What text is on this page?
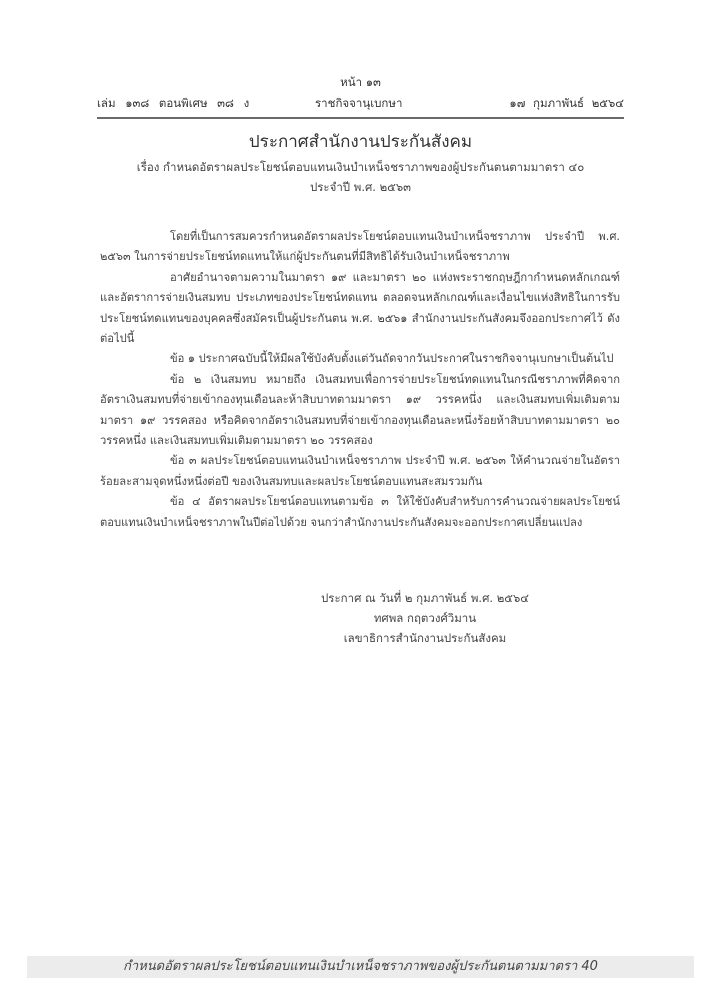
หน้า ๑๓
เล่ม ๑๓๘ ตอนพิเศษ ๓๘ ง	ราชกิจจานุเบกษา	๑๗ กุมภาพันธ์ ๒๕๖๔
ประกาศสำนักงานประกันสังคม
เรื่อง กำหนดอัตราผลประโยชน์ตอบแทนเงินบำเหน็จชราภาพของผู้ประกันตนตามมาตรา ๔๐
ประจำปี พ.ศ. ๒๕๖๓

โดยที่เป็นการสมควรกำหนดอัตราผลประโยชน์ตอบแทนเงินบำเหน็จชราภาพ ประจำปี พ.ศ. ๒๕๖๓ ในการจ่ายประโยชน์ทดแทนให้แก่ผู้ประกันตนที่มีสิทธิได้รับเงินบำเหน็จชราภาพ

อาศัยอำนาจตามความในมาตรา ๑๙ และมาตรา ๒๐ แห่งพระราชกฤษฎีกากำหนดหลักเกณฑ์และอัตราการจ่ายเงินสมทบ ประเภทของประโยชน์ทดแทน ตลอดจนหลักเกณฑ์และเงื่อนไขแห่งสิทธิในการรับประโยชน์ทดแทนของบุคคลซึ่งสมัครเป็นผู้ประกันตน พ.ศ. ๒๕๖๑ สำนักงานประกันสังคมจึงออกประกาศไว้ ดังต่อไปนี้

ข้อ ๑ ประกาศฉบับนี้ให้มีผลใช้บังคับตั้งแต่วันถัดจากวันประกาศในราชกิจจานุเบกษาเป็นต้นไป

ข้อ ๒ เงินสมทบ หมายถึง เงินสมทบเพื่อการจ่ายประโยชน์ทดแทนในกรณีชราภาพที่คิดจากอัตราเงินสมทบที่จ่ายเข้ากองทุนเดือนละห้าสิบบาทตามมาตรา ๑๙ วรรคหนึ่ง และเงินสมทบเพิ่มเติมตามมาตรา ๑๙ วรรคสอง หรือคิดจากอัตราเงินสมทบที่จ่ายเข้ากองทุนเดือนละหนึ่งร้อยห้าสิบบาทตามมาตรา ๒๐ วรรคหนึ่ง และเงินสมทบเพิ่มเติมตามมาตรา ๒๐ วรรคสอง

ข้อ ๓ ผลประโยชน์ตอบแทนเงินบำเหน็จชราภาพ ประจำปี พ.ศ. ๒๕๖๓ ให้คำนวณจ่ายในอัตราร้อยละสามจุดหนึ่งหนึ่งต่อปี ของเงินสมทบและผลประโยชน์ตอบแทนสะสมรวมกัน

ข้อ ๔ อัตราผลประโยชน์ตอบแทนตามข้อ ๓ ให้ใช้บังคับสำหรับการคำนวณจ่ายผลประโยชน์ตอบแทนเงินบำเหน็จชราภาพในปีต่อไปด้วย จนกว่าสำนักงานประกันสังคมจะออกประกาศเปลี่ยนแปลง

ประกาศ ณ วันที่ ๒ กุมภาพันธ์ พ.ศ. ๒๕๖๔
ทศพล กฤตวงศ์วิมาน
เลขาธิการสำนักงานประกันสังคม
กำหนดอัตราผลประโยชน์ตอบแทนเงินบำเหน็จชราภาพของผู้ประกันตนตามมาตรา 40
